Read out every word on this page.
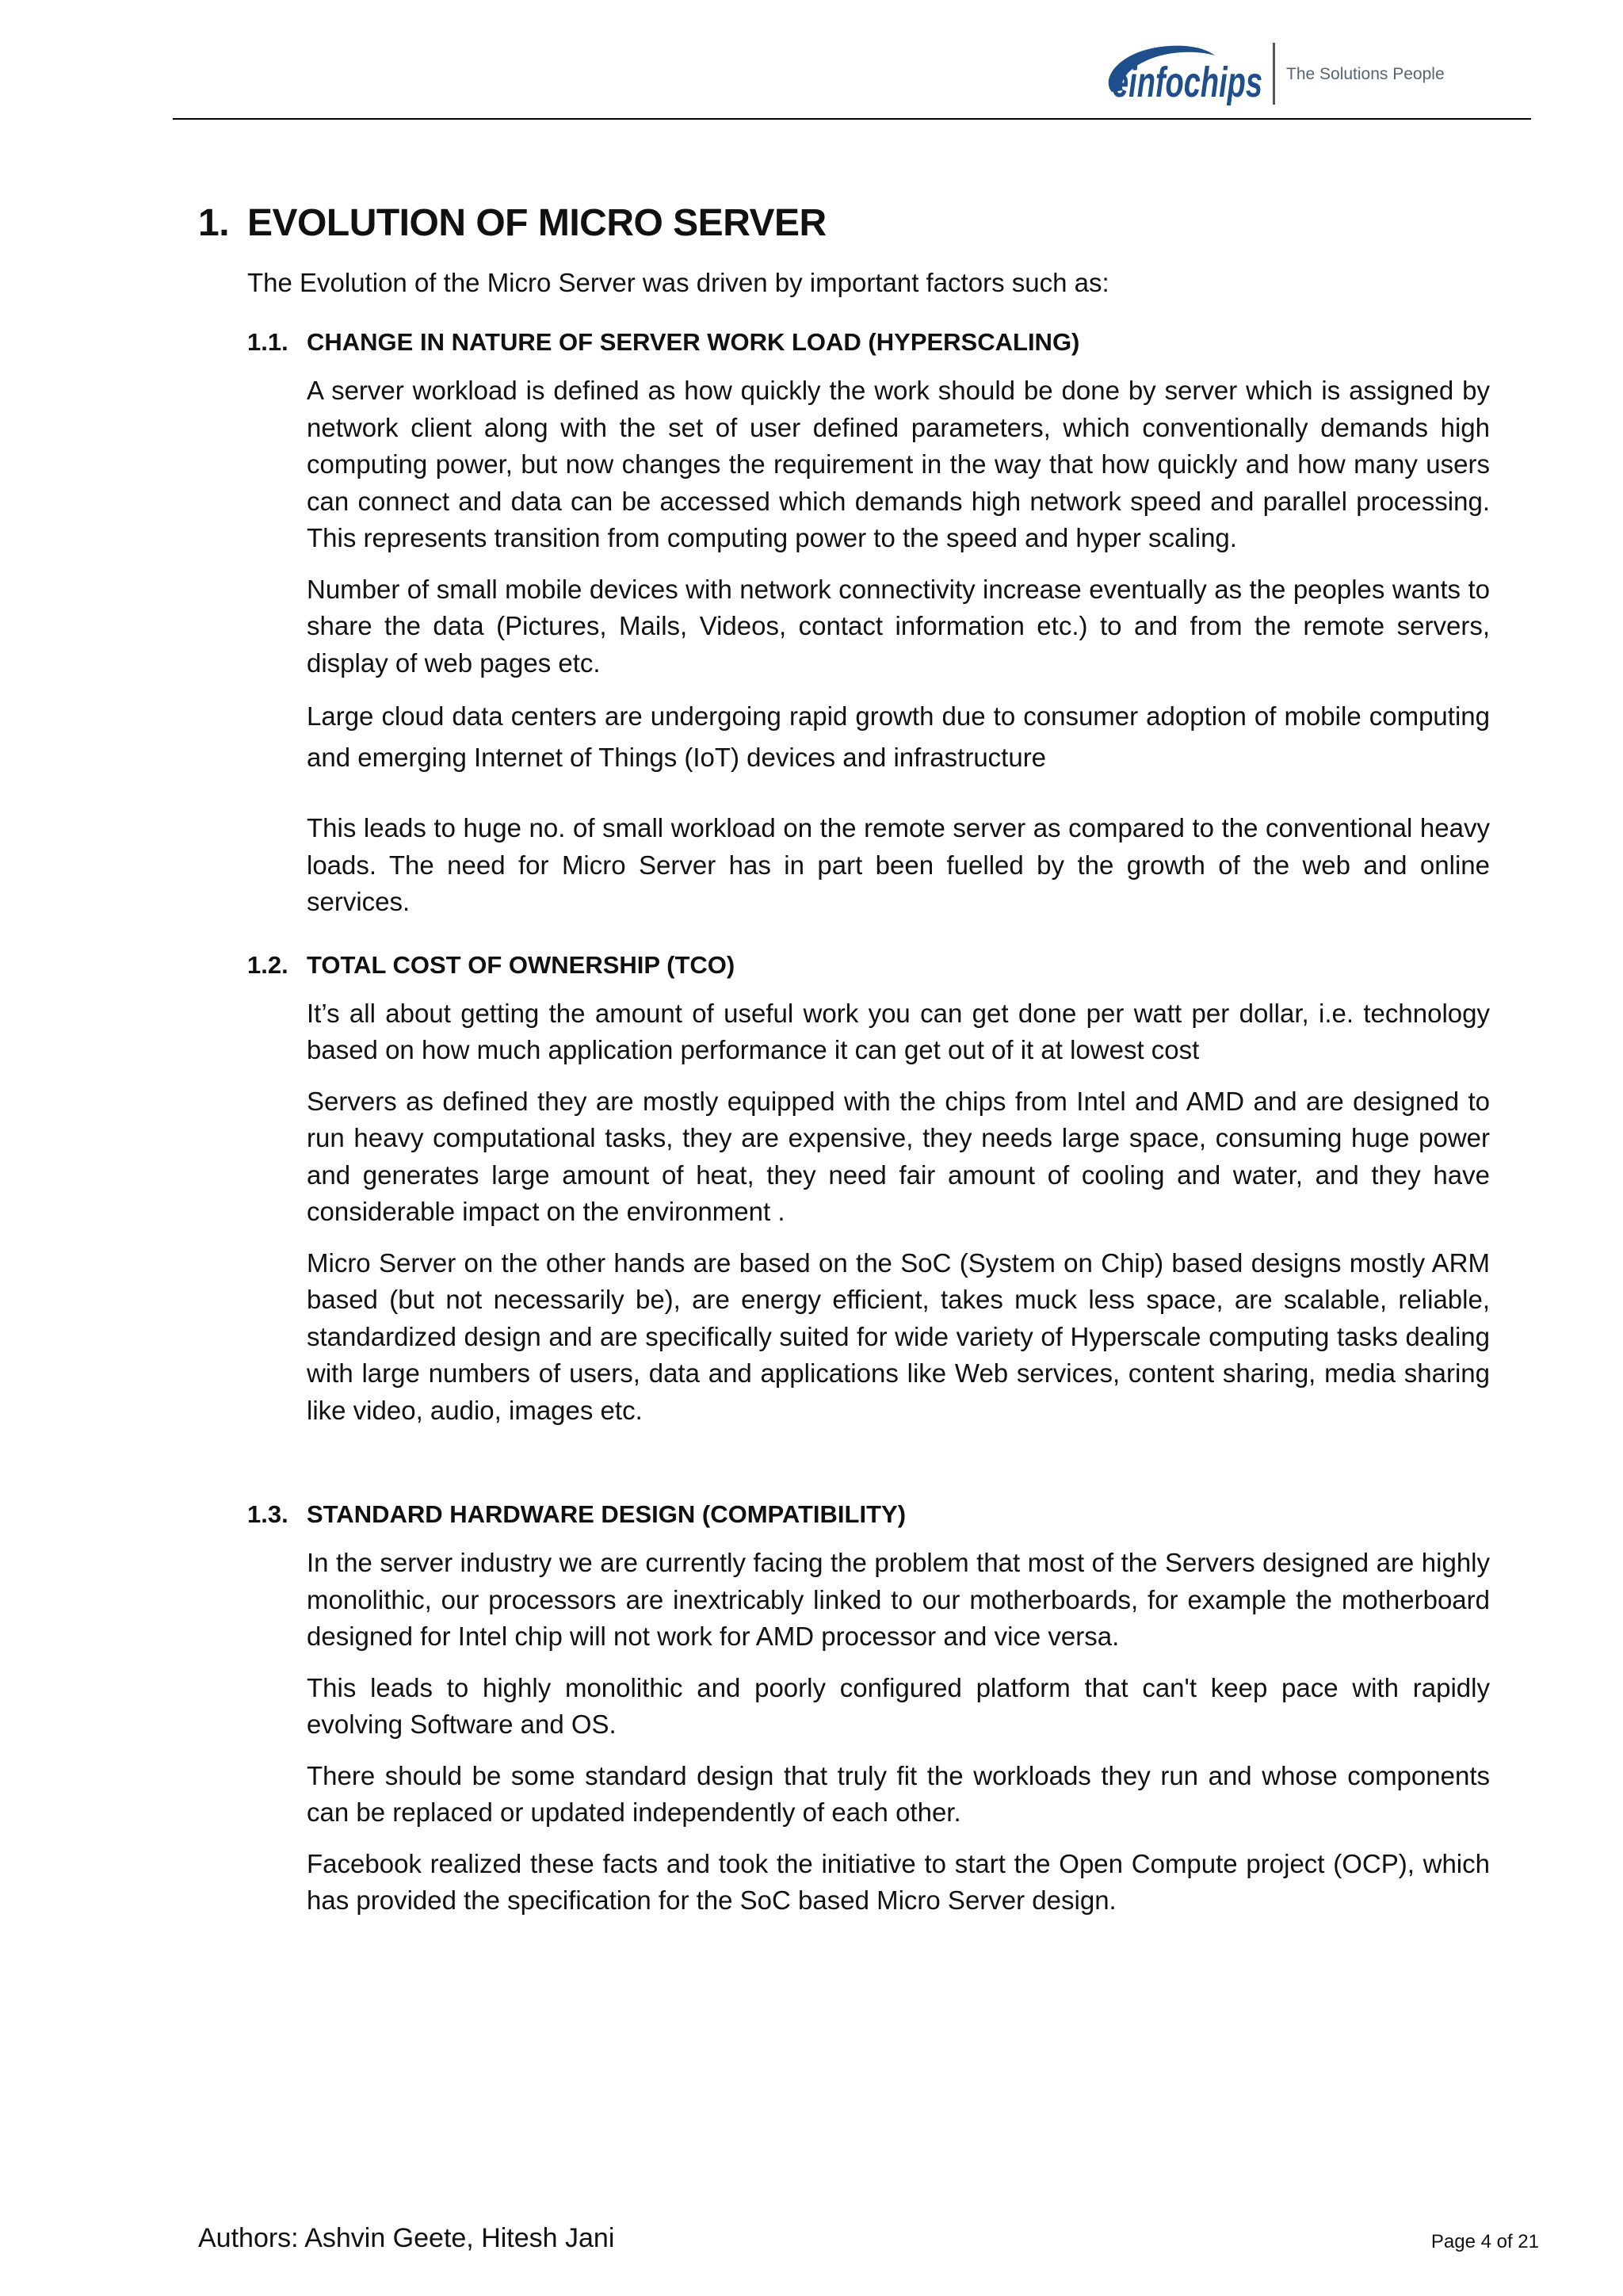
einfochips The Solutions People
1. EVOLUTION OF MICRO SERVER

The Evolution of the Micro Server was driven by important factors such as:

1.1. CHANGE IN NATURE OF SERVER WORK LOAD (HYPERSCALING)

A server workload is defined as how quickly the work should be done by server which is assigned by network client along with the set of user defined parameters, which conventionally demands high computing power, but now changes the requirement in the way that how quickly and how many users can connect and data can be accessed which demands high network speed and parallel processing. This represents transition from computing power to the speed and hyper scaling.

Number of small mobile devices with network connectivity increase eventually as the peoples wants to share the data (Pictures, Mails, Videos, contact information etc.) to and from the remote servers, display of web pages etc.

Large cloud data centers are undergoing rapid growth due to consumer adoption of mobile computing and emerging Internet of Things (IoT) devices and infrastructure

This leads to huge no. of small workload on the remote server as compared to the conventional heavy loads. The need for Micro Server has in part been fuelled by the growth of the web and online services.

1.2. TOTAL COST OF OWNERSHIP (TCO)

It’s all about getting the amount of useful work you can get done per watt per dollar, i.e. technology based on how much application performance it can get out of it at lowest cost

Servers as defined they are mostly equipped with the chips from Intel and AMD and are designed to run heavy computational tasks, they are expensive, they needs large space, consuming huge power and generates large amount of heat, they need fair amount of cooling and water, and they have considerable impact on the environment .

Micro Server on the other hands are based on the SoC (System on Chip) based designs mostly ARM based (but not necessarily be), are energy efficient, takes muck less space, are scalable, reliable, standardized design and are specifically suited for wide variety of Hyperscale computing tasks dealing with large numbers of users, data and applications like Web services, content sharing, media sharing like video, audio, images etc.

1.3. STANDARD HARDWARE DESIGN (COMPATIBILITY)

In the server industry we are currently facing the problem that most of the Servers designed are highly monolithic, our processors are inextricably linked to our motherboards, for example the motherboard designed for Intel chip will not work for AMD processor and vice versa.

This leads to highly monolithic and poorly configured platform that can't keep pace with rapidly evolving Software and OS.

There should be some standard design that truly fit the workloads they run and whose components can be replaced or updated independently of each other.

Facebook realized these facts and took the initiative to start the Open Compute project (OCP), which has provided the specification for the SoC based Micro Server design.

Authors: Ashvin Geete, Hitesh Jani	Page 4 of 21
